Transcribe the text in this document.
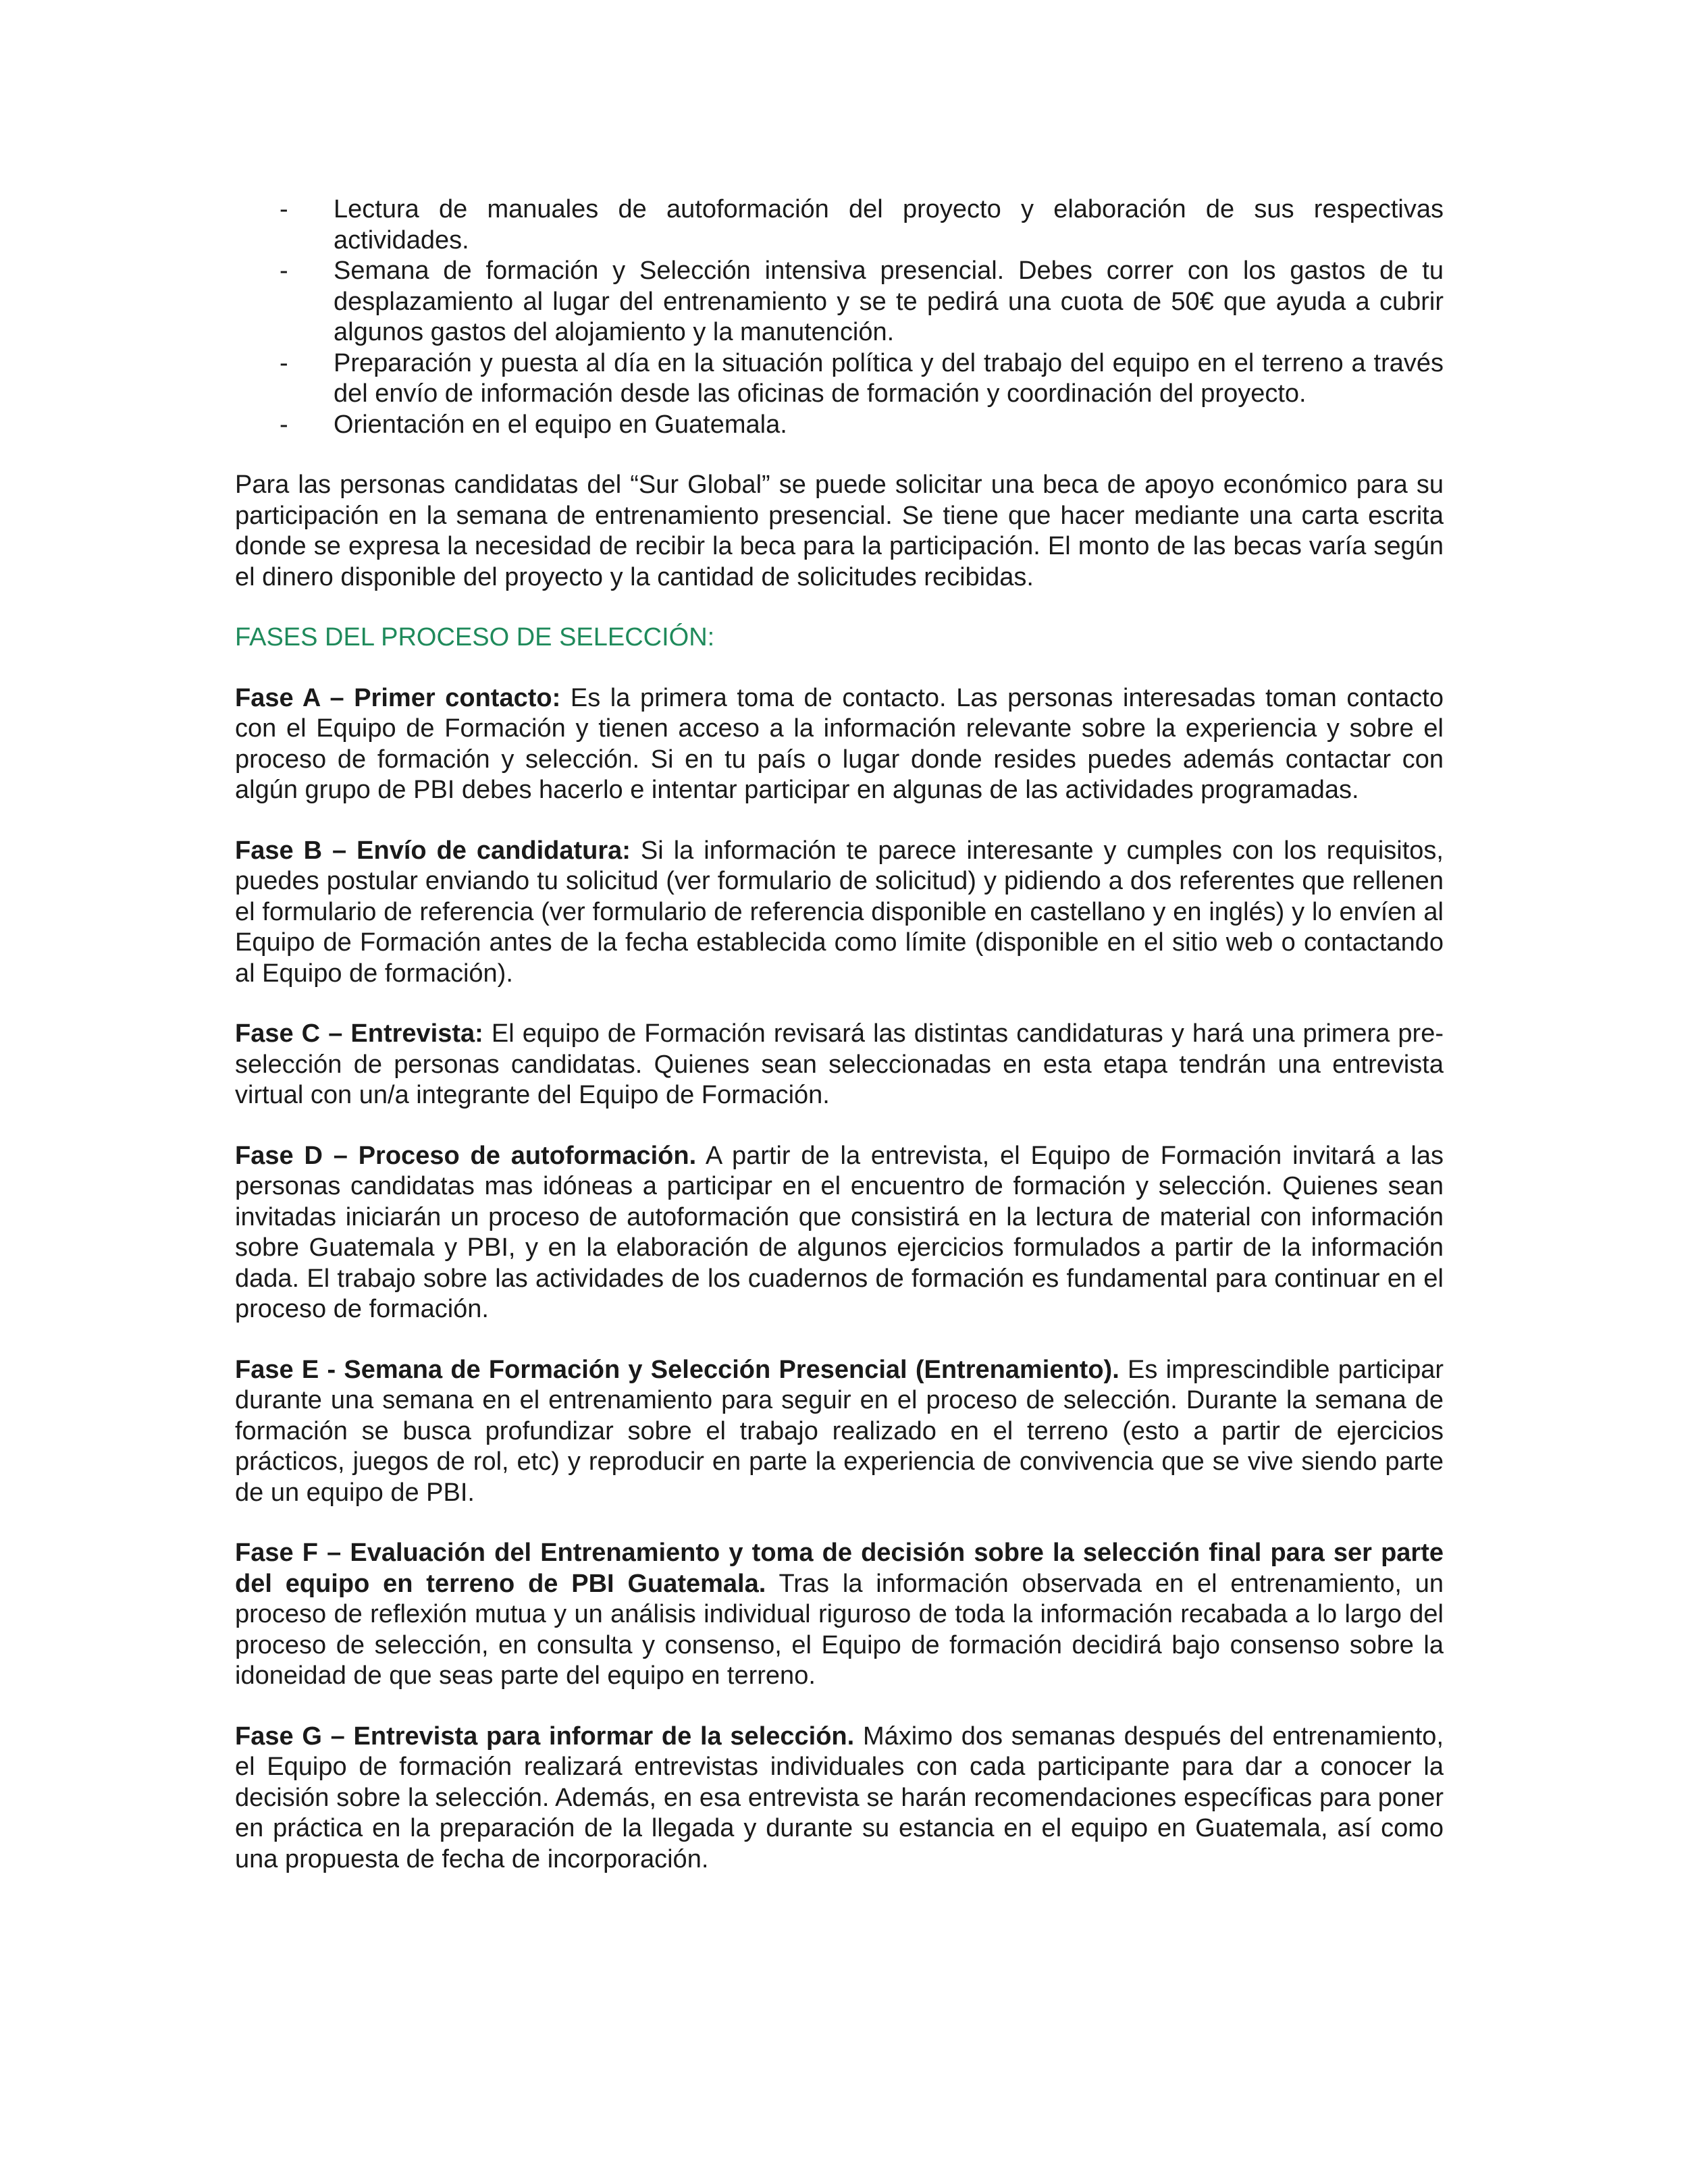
- Lectura de manuales de autoformación del proyecto y elaboración de sus respectivas actividades.
- Semana de formación y Selección intensiva presencial. Debes correr con los gastos de tu desplazamiento al lugar del entrenamiento y se te pedirá una cuota de 50€ que ayuda a cubrir algunos gastos del alojamiento y la manutención.
- Preparación y puesta al día en la situación política y del trabajo del equipo en el terreno a través del envío de información desde las oficinas de formación y coordinación del proyecto.
- Orientación en el equipo en Guatemala.

Para las personas candidatas del “Sur Global” se puede solicitar una beca de apoyo económico para su participación en la semana de entrenamiento presencial. Se tiene que hacer mediante una carta escrita donde se expresa la necesidad de recibir la beca para la participación. El monto de las becas varía según el dinero disponible del proyecto y la cantidad de solicitudes recibidas.

FASES DEL PROCESO DE SELECCIÓN:

Fase A – Primer contacto: Es la primera toma de contacto. Las personas interesadas toman contacto con el Equipo de Formación y tienen acceso a la información relevante sobre la experiencia y sobre el proceso de formación y selección. Si en tu país o lugar donde resides puedes además contactar con algún grupo de PBI debes hacerlo e intentar participar en algunas de las actividades programadas.

Fase B – Envío de candidatura: Si la información te parece interesante y cumples con los requisitos, puedes postular enviando tu solicitud (ver formulario de solicitud) y pidiendo a dos referentes que rellenen el formulario de referencia (ver formulario de referencia disponible en castellano y en inglés) y lo envíen al Equipo de Formación antes de la fecha establecida como límite (disponible en el sitio web o contactando al Equipo de formación).

Fase C – Entrevista: El equipo de Formación revisará las distintas candidaturas y hará una primera pre-selección de personas candidatas. Quienes sean seleccionadas en esta etapa tendrán una entrevista virtual con un/a integrante del Equipo de Formación.

Fase D – Proceso de autoformación. A partir de la entrevista, el Equipo de Formación invitará a las personas candidatas mas idóneas a participar en el encuentro de formación y selección. Quienes sean invitadas iniciarán un proceso de autoformación que consistirá en la lectura de material con información sobre Guatemala y PBI, y en la elaboración de algunos ejercicios formulados a partir de la información dada. El trabajo sobre las actividades de los cuadernos de formación es fundamental para continuar en el proceso de formación.

Fase E - Semana de Formación y Selección Presencial (Entrenamiento). Es imprescindible participar durante una semana en el entrenamiento para seguir en el proceso de selección. Durante la semana de formación se busca profundizar sobre el trabajo realizado en el terreno (esto a partir de ejercicios prácticos, juegos de rol, etc) y reproducir en parte la experiencia de convivencia que se vive siendo parte de un equipo de PBI.

Fase F – Evaluación del Entrenamiento y toma de decisión sobre la selección final para ser parte del equipo en terreno de PBI Guatemala. Tras la información observada en el entrenamiento, un proceso de reflexión mutua y un análisis individual riguroso de toda la información recabada a lo largo del proceso de selección, en consulta y consenso, el Equipo de formación decidirá bajo consenso sobre la idoneidad de que seas parte del equipo en terreno.

Fase G – Entrevista para informar de la selección. Máximo dos semanas después del entrenamiento, el Equipo de formación realizará entrevistas individuales con cada participante para dar a conocer la decisión sobre la selección. Además, en esa entrevista se harán recomendaciones específicas para poner en práctica en la preparación de la llegada y durante su estancia en el equipo en Guatemala, así como una propuesta de fecha de incorporación.
